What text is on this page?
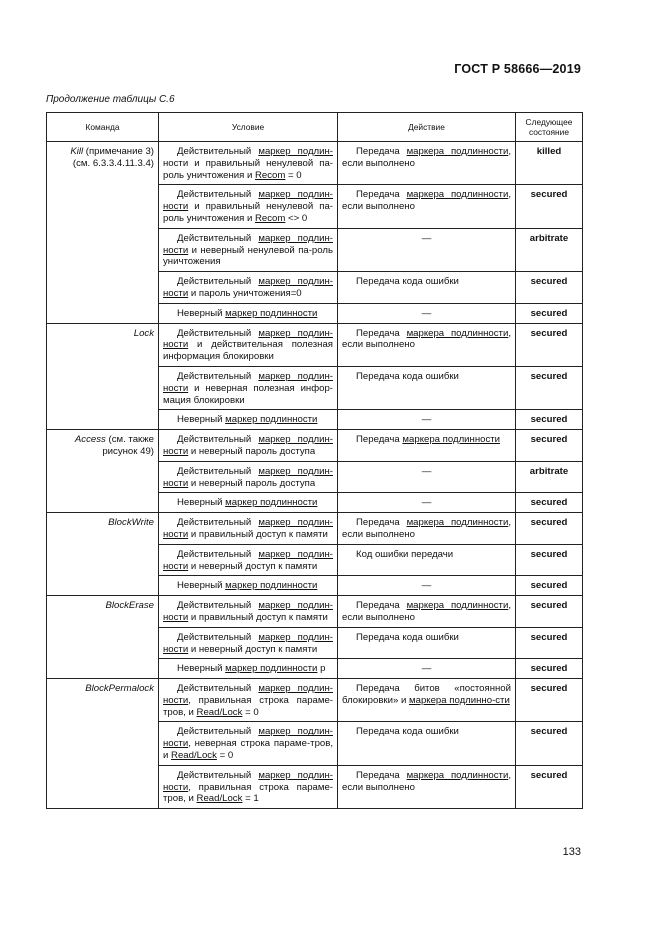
ГОСТ Р 58666—2019
Продолжение таблицы С.6
Команда	Условие	Действие	Следующее состояние
Kill (примечание 3) (см. 6.3.3.4.11.3.4)	Действительный маркер подлин- ности и правильный ненулевой па-роль уничтожения и Recom = 0	Передача маркера подлинности, если выполнено	killed
	Действительный маркер подлин-ности и правильный ненулевой па-роль уничтожения и Recom <> 0	Передача маркера подлинности, если выполнено	secured
	Действительный маркер подлин-ности и неверный ненулевой па-роль уничтожения	—	arbitrate
	Действительный маркер подлин-ности и пароль уничтожения=0	Передача кода ошибки	secured
	Неверный маркер подлинности	—	secured
Lock	Действительный маркер подлин-ности и действительная полезная информация блокировки	Передача маркера подлинности, если выполнено	secured
	Действительный маркер подлин-ности и неверная полезная инфор-мация блокировки	Передача кода ошибки	secured
	Неверный маркер подлинности	—	secured
Access (см. также рисунок 49)	Действительный маркер подлин-ности и неверный пароль доступа	Передача маркера подлинности	secured
	Действительный маркер подлин-ности и неверный пароль доступа	—	arbitrate
	Неверный маркер подлинности	—	secured
BlockWrite	Действительный маркер подлин-ности и правильный доступ к памяти	Передача маркера подлинности, если выполнено	secured
	Действительный маркер подлин-ности и неверный доступ к памяти	Код ошибки передачи	secured
	Неверный маркер подлинности	—	secured
BlockErase	Действительный маркер подлин-ности и правильный доступ к памяти	Передача маркера подлинности, если выполнено	secured
	Действительный маркер подлин-ности и неверный доступ к памяти	Передача кода ошибки	secured
	Неверный маркер подлинности р	—	secured
BlockPermalock	Действительный маркер подлин-ности, правильная строка параме-тров, и Read/Lock = 0	Передача битов «постоянной блокировки» и маркера подлинно-сти	secured
	Действительный маркер подлин-ности, неверная строка параме-тров, и Read/Lock = 0	Передача кода ошибки	secured
	Действительный маркер подлин-ности, правильная строка параме-тров, и Read/Lock = 1	Передача маркера подлинности, если выполнено	secured
133
